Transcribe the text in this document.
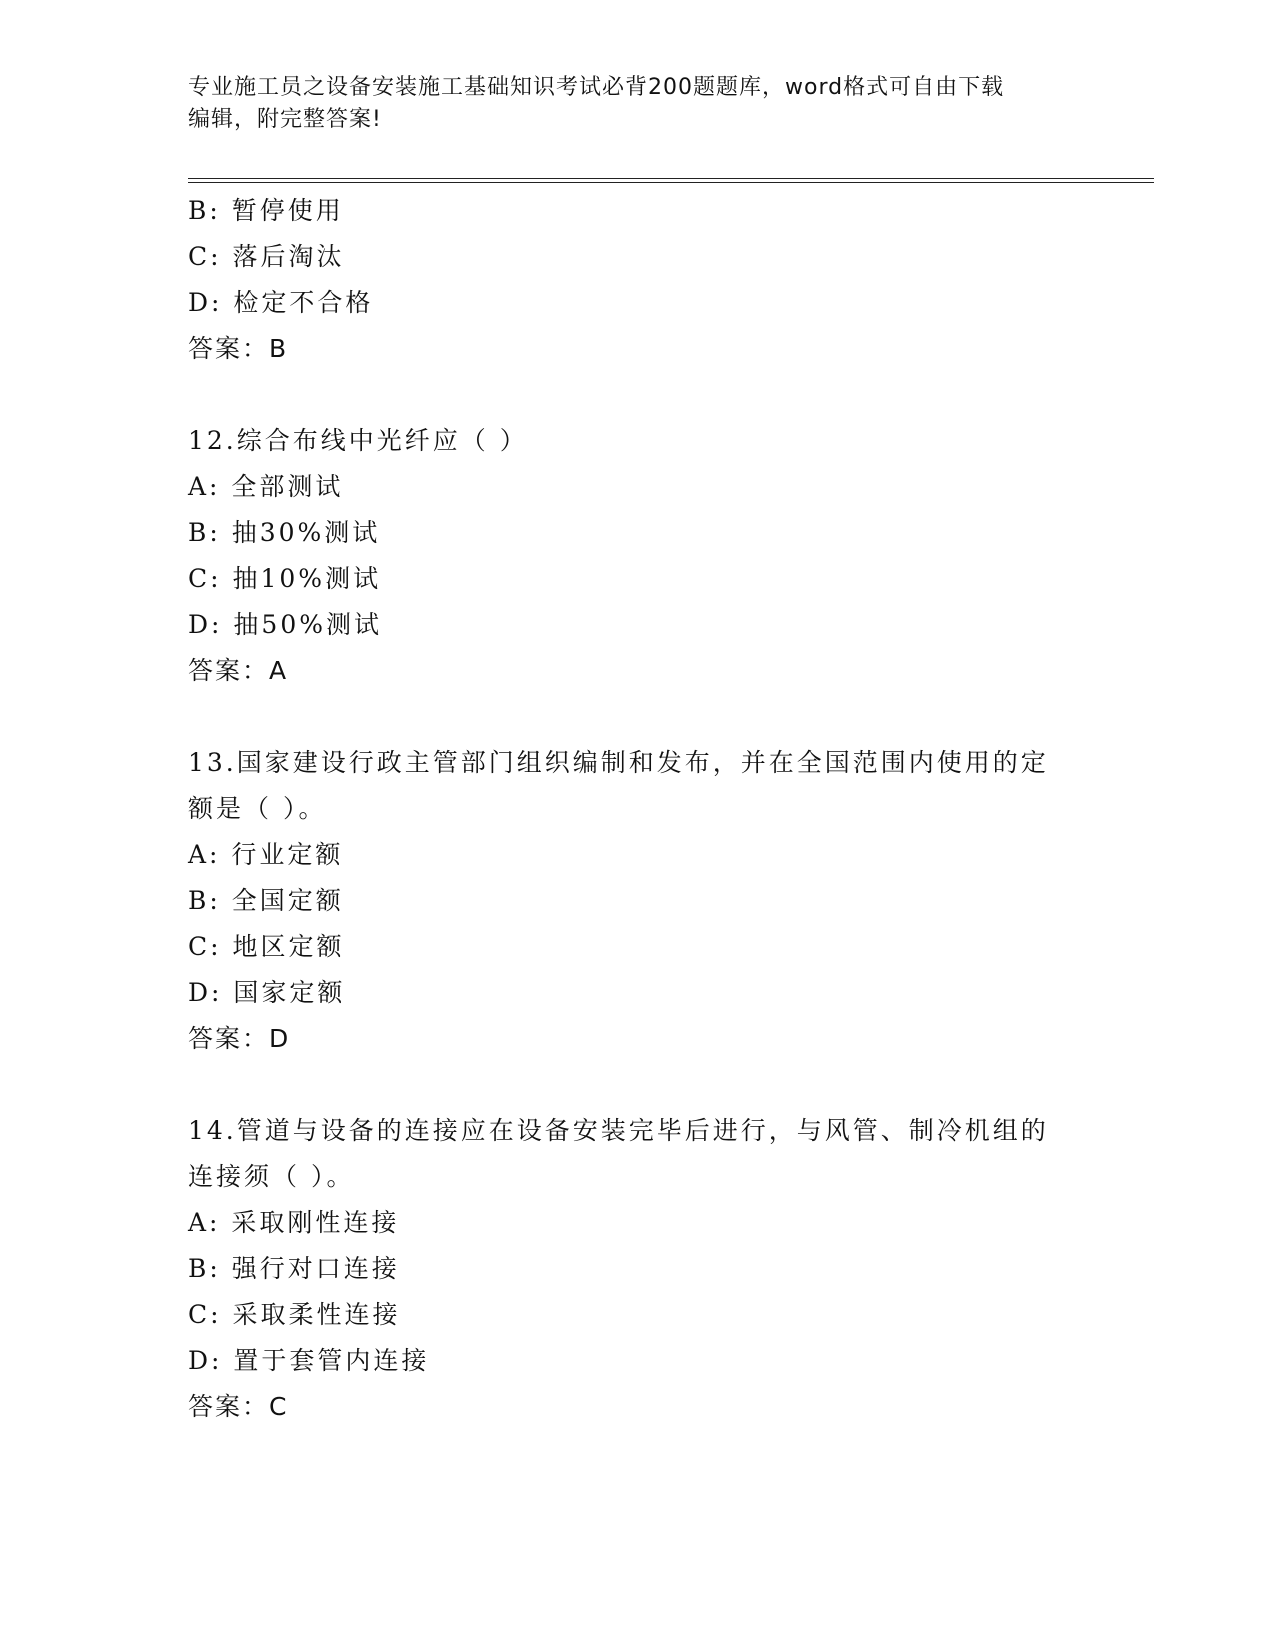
专业施工员之设备安装施工基础知识考试必背200题题库，word格式可自由下载
编辑，附完整答案!
B: 暂停使用
C: 落后淘汰
D: 检定不合格
答案：B
12.综合布线中光纤应（ ）
A: 全部测试
B: 抽30%测试
C: 抽10%测试
D: 抽50%测试
答案：A
13.国家建设行政主管部门组织编制和发布，并在全国范围内使用的定
额是（ ）。
A: 行业定额
B: 全国定额
C: 地区定额
D: 国家定额
答案：D
14.管道与设备的连接应在设备安装完毕后进行，与风管、制冷机组的
连接须（ ）。
A: 采取刚性连接
B: 强行对口连接
C: 采取柔性连接
D: 置于套管内连接
答案：C
